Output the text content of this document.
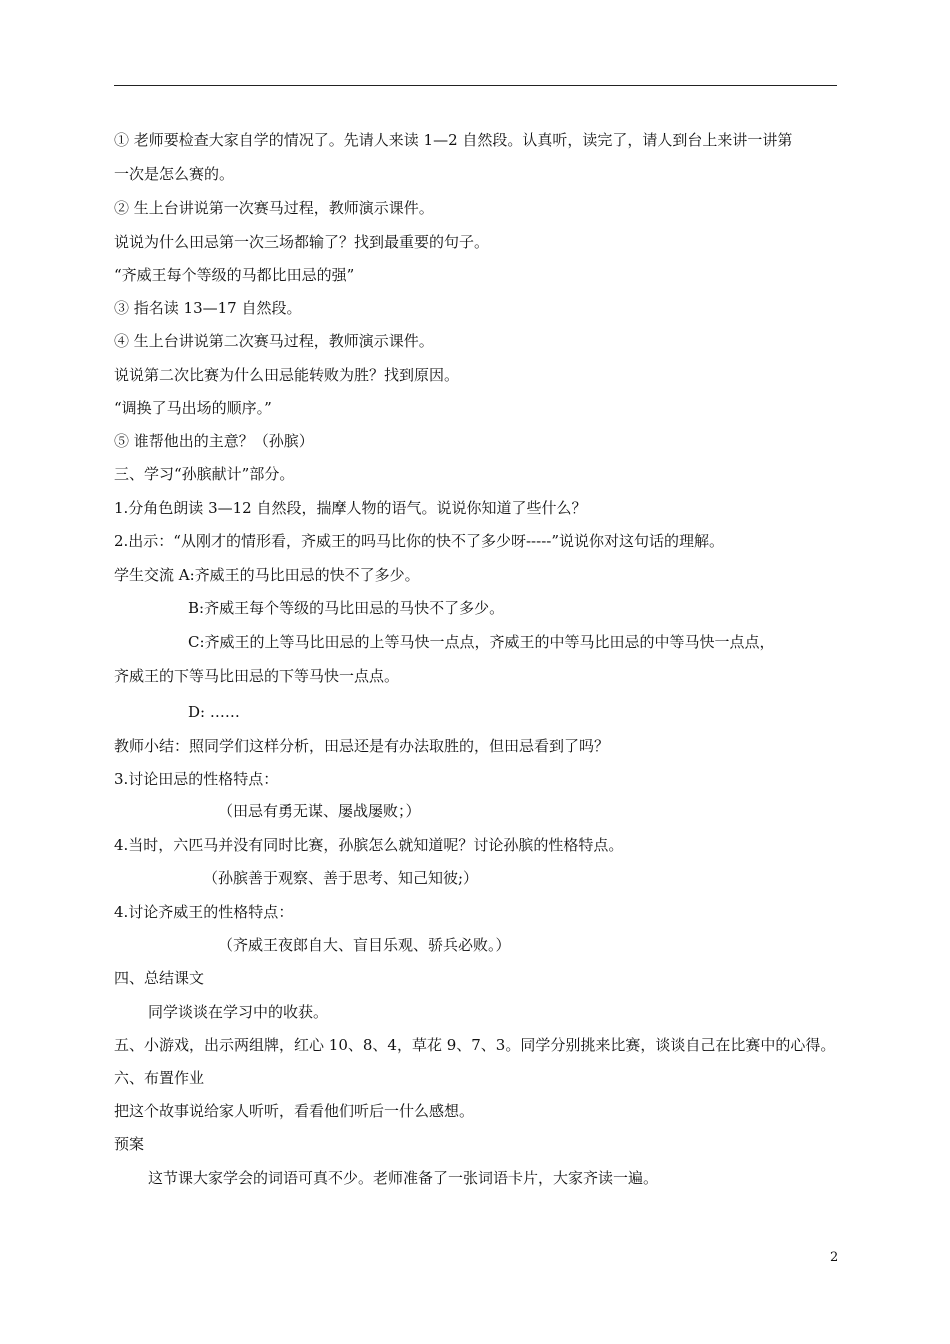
① 老师要检查大家自学的情况了。先请人来读 1—2 自然段。认真听，读完了，请人到台上来讲一讲第
一次是怎么赛的。
② 生上台讲说第一次赛马过程，教师演示课件。
说说为什么田忌第一次三场都输了？找到最重要的句子。
“齐威王每个等级的马都比田忌的强”
③ 指名读 13—17 自然段。
④ 生上台讲说第二次赛马过程，教师演示课件。
说说第二次比赛为什么田忌能转败为胜？找到原因。
“调换了马出场的顺序。”
⑤ 谁帮他出的主意？（孙膑）
三、学习“孙膑献计”部分。
1.分角色朗读 3—12 自然段，揣摩人物的语气。说说你知道了些什么？
2.出示：“从刚才的情形看，齐威王的吗马比你的快不了多少呀-----”说说你对这句话的理解。
学生交流 A:齐威王的马比田忌的快不了多少。
B:齐威王每个等级的马比田忌的马快不了多少。
C:齐威王的上等马比田忌的上等马快一点点，齐威王的中等马比田忌的中等马快一点点，
齐威王的下等马比田忌的下等马快一点点。
D: ……
教师小结：照同学们这样分析，田忌还是有办法取胜的，但田忌看到了吗？
3.讨论田忌的性格特点：
（田忌有勇无谋、屡战屡败；）
4.当时，六匹马并没有同时比赛，孙膑怎么就知道呢？讨论孙膑的性格特点。
（孙膑善于观察、善于思考、知己知彼;）
4.讨论齐威王的性格特点：
（齐威王夜郎自大、盲目乐观、骄兵必败。）
四、总结课文
同学谈谈在学习中的收获。
五、小游戏，出示两组牌，红心 10、8、4，草花 9、7、3。同学分别挑来比赛，谈谈自己在比赛中的心得。
六、布置作业
把这个故事说给家人听听，看看他们听后一什么感想。
预案
这节课大家学会的词语可真不少。老师准备了一张词语卡片，大家齐读一遍。
2
